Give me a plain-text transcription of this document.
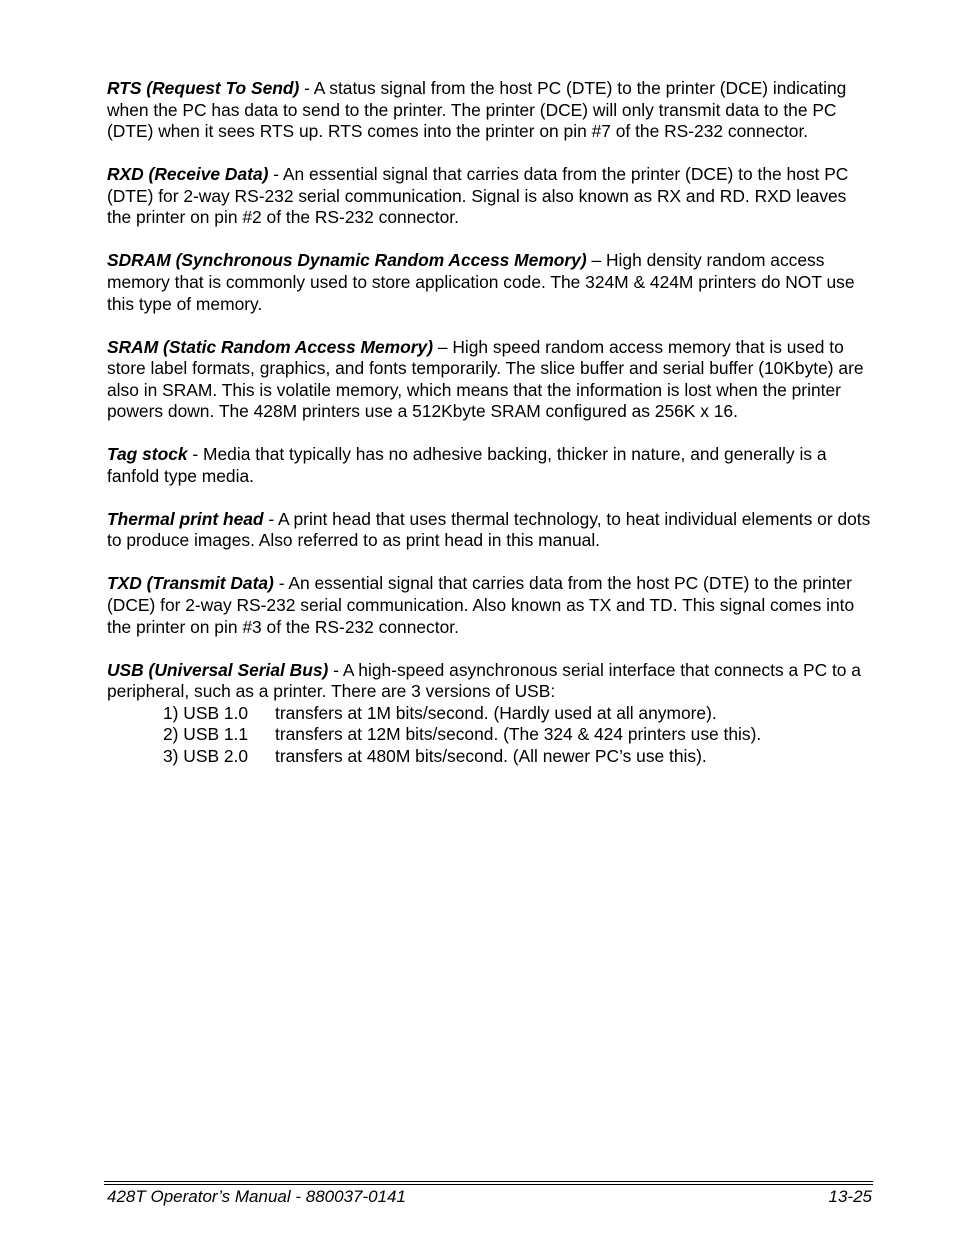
RTS (Request To Send) - A status signal from the host PC (DTE) to the printer (DCE) indicating when the PC has data to send to the printer. The printer (DCE) will only transmit data to the PC (DTE) when it sees RTS up. RTS comes into the printer on pin #7 of the RS-232 connector.

RXD (Receive Data) - An essential signal that carries data from the printer (DCE) to the host PC (DTE) for 2-way RS-232 serial communication. Signal is also known as RX and RD. RXD leaves the printer on pin #2 of the RS-232 connector.

SDRAM (Synchronous Dynamic Random Access Memory) – High density random access memory that is commonly used to store application code. The 324M & 424M printers do NOT use this type of memory.

SRAM (Static Random Access Memory) – High speed random access memory that is used to store label formats, graphics, and fonts temporarily. The slice buffer and serial buffer (10Kbyte) are also in SRAM. This is volatile memory, which means that the information is lost when the printer powers down. The 428M printers use a 512Kbyte SRAM configured as 256K x 16.

Tag stock - Media that typically has no adhesive backing, thicker in nature, and generally is a fanfold type media.

Thermal print head - A print head that uses thermal technology, to heat individual elements or dots to produce images. Also referred to as print head in this manual.

TXD (Transmit Data) - An essential signal that carries data from the host PC (DTE) to the printer (DCE) for 2-way RS-232 serial communication. Also known as TX and TD. This signal comes into the printer on pin #3 of the RS-232 connector.

USB (Universal Serial Bus) - A high-speed asynchronous serial interface that connects a PC to a peripheral, such as a printer. There are 3 versions of USB:

1) USB 1.0 transfers at 1M bits/second. (Hardly used at all anymore).
2) USB 1.1 transfers at 12M bits/second. (The 324 & 424 printers use this).
3) USB 2.0 transfers at 480M bits/second. (All newer PC’s use this).
428T Operator’s Manual - 880037-0141	13-25
